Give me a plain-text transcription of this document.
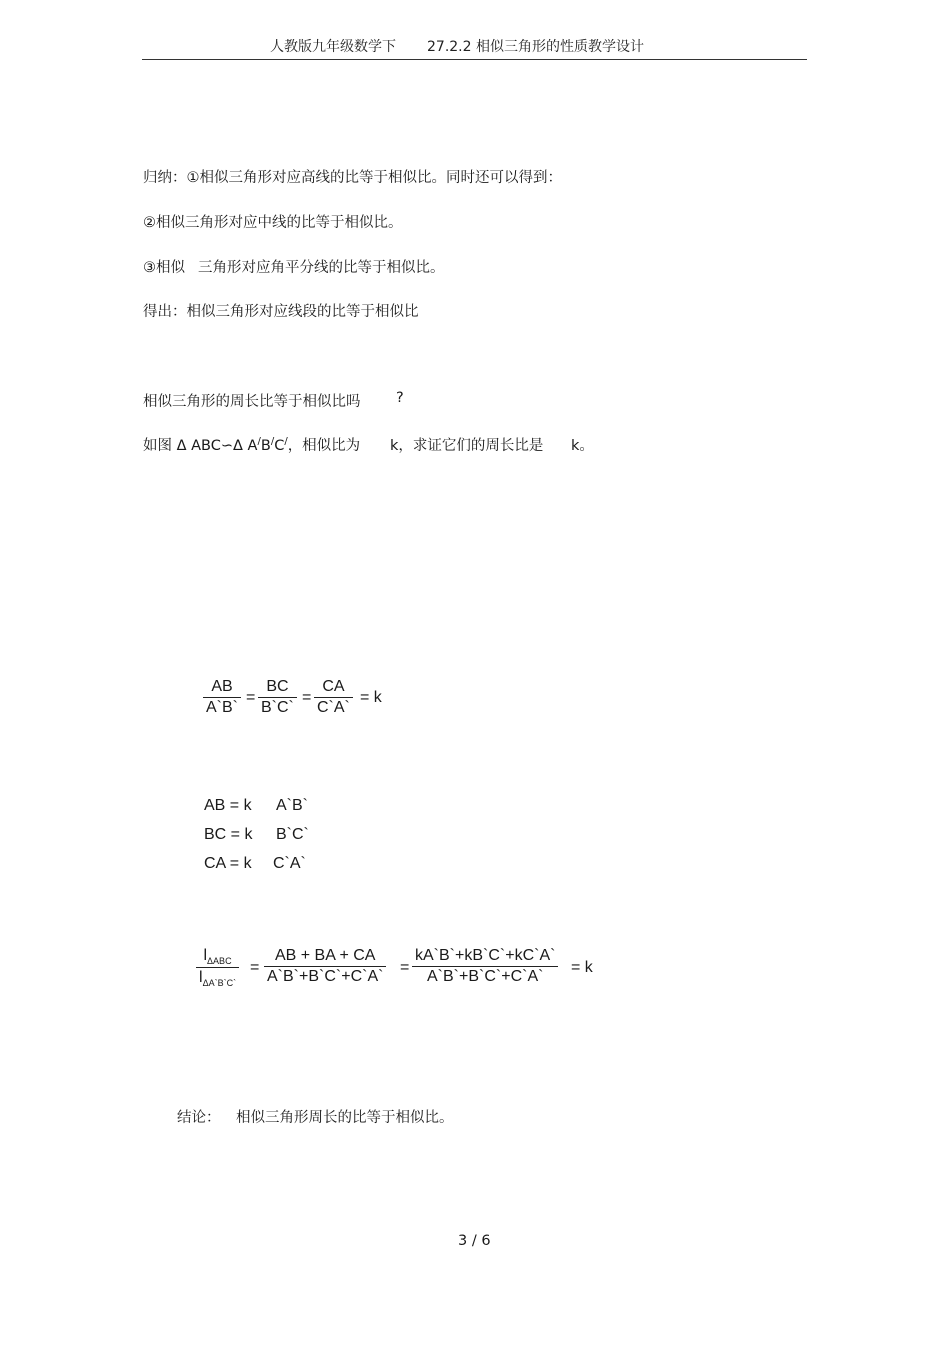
人教版九年级数学下 27.2.2 相似三角形的性质教学设计
归纳：①相似三角形对应高线的比等于相似比。同时还可以得到：
②相似三角形对应中线的比等于相似比。
③相似 三角形对应角平分线的比等于相似比。
得出：相似三角形对应线段的比等于相似比
相似三角形的周长比等于相似比吗 ?
如图 Δ ABC∽Δ A/B/C/，相似比为 k，求证它们的周长比是 k。
AB
A`B`
=
BC
B`C`
=
CA
C`A`
= k
AB = k A`B`
BC = k B`C`
CA = k C`A`
$l_{\Delta ABC}$
$l_{\Delta A`B`C`}$
=
AB + BA + CA
A`B`+B`C`+C`A`
=
kA`B`+kB`C`+kC`A`
A`B`+B`C`+C`A`
= k
结论： 相似三角形周长的比等于相似比。
3 / 6
